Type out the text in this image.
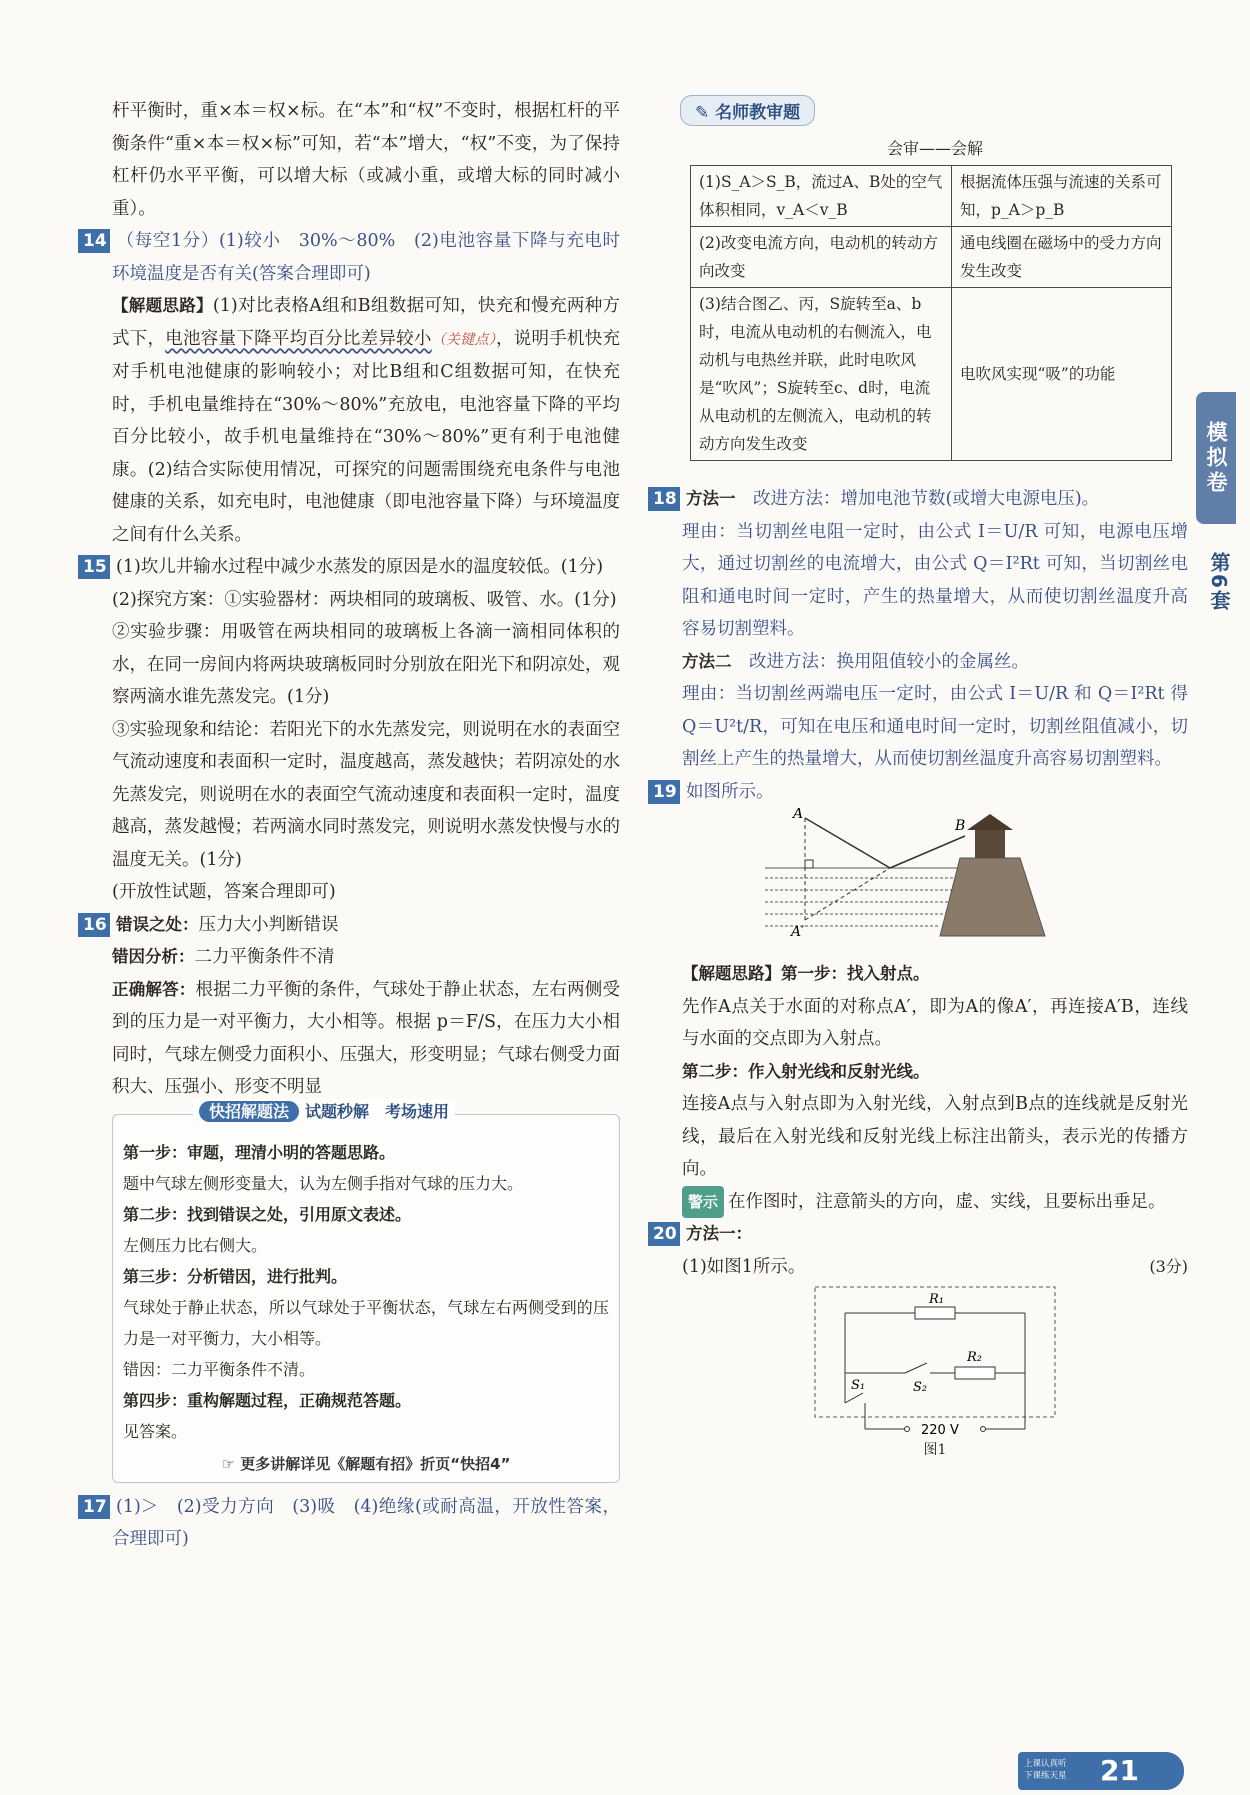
杆平衡时，重×本＝权×标。在“本”和“权”不变时，根据杠杆的平衡条件“重×本＝权×标”可知，若“本”增大，“权”不变，为了保持杠杆仍水平平衡，可以增大标（或减小重，或增大标的同时减小重）。

14 （每空1分）(1)较小　30%～80%　(2)电池容量下降与充电时环境温度是否有关(答案合理即可)

【解题思路】(1)对比表格A组和B组数据可知，快充和慢充两种方式下，电池容量下降平均百分比差异较小（关键点），说明手机快充对手机电池健康的影响较小；对比B组和C组数据可知，在快充时，手机电量维持在“30%～80%”充放电，电池容量下降的平均百分比较小，故手机电量维持在“30%～80%”更有利于电池健康。(2)结合实际使用情况，可探究的问题需围绕充电条件与电池健康的关系，如充电时，电池健康（即电池容量下降）与环境温度之间有什么关系。

15 (1)坎儿井输水过程中减少水蒸发的原因是水的温度较低。(1分)

(2)探究方案：①实验器材：两块相同的玻璃板、吸管、水。(1分)

②实验步骤：用吸管在两块相同的玻璃板上各滴一滴相同体积的水，在同一房间内将两块玻璃板同时分别放在阳光下和阴凉处，观察两滴水谁先蒸发完。(1分)

③实验现象和结论：若阳光下的水先蒸发完，则说明在水的表面空气流动速度和表面积一定时，温度越高，蒸发越快；若阴凉处的水先蒸发完，则说明在水的表面空气流动速度和表面积一定时，温度越高，蒸发越慢；若两滴水同时蒸发完，则说明水蒸发快慢与水的温度无关。(1分)

(开放性试题，答案合理即可)

16 错误之处：压力大小判断错误

错因分析：二力平衡条件不清

正确解答：根据二力平衡的条件，气球处于静止状态，左右两侧受到的压力是一对平衡力，大小相等。根据 p＝F/S，在压力大小相同时，气球左侧受力面积小、压强大，形变明显；气球右侧受力面积大、压强小、形变不明显

快招解题法 试题秒解　 考场速用

第一步：审题，理清小明的答题思路。

题中气球左侧形变量大，认为左侧手指对气球的压力大。

第二步：找到错误之处，引用原文表述。

左侧压力比右侧大。

第三步：分析错因，进行批判。

气球处于静止状态，所以气球处于平衡状态，气球左右两侧受到的压力是一对平衡力，大小相等。

错因：二力平衡条件不清。

第四步：重构解题过程，正确规范答题。

见答案。

☞ 更多讲解详见《解题有招》折页“快招4”

17 (1)＞　(2)受力方向　(3)吸　(4)绝缘(或耐高温，开放性答案，合理即可)

✎ 名师教审题
会审——会解
(1)S_A＞S_B，流过A、B处的空气体积相同，v_A＜v_B	根据流体压强与流速的关系可知，p_A＞p_B
(2)改变电流方向，电动机的转动方向改变	通电线圈在磁场中的受力方向发生改变
(3)结合图乙、丙，S旋转至a、b时，电流从电动机的右侧流入，电动机与电热丝并联，此时电吹风是“吹风”；S旋转至c、d时，电流从电动机的左侧流入，电动机的转动方向发生改变	电吹风实现“吸”的功能

18 方法一　 改进方法：增加电池节数(或增大电源电压)。

理由：当切割丝电阻一定时，由公式 I＝U/R 可知，电源电压增大，通过切割丝的电流增大，由公式 Q＝I²Rt 可知，当切割丝电阻和通电时间一定时，产生的热量增大，从而使切割丝温度升高容易切割塑料。

方法二　 改进方法：换用阻值较小的金属丝。

理由：当切割丝两端电压一定时，由公式 I＝U/R 和 Q＝I²Rt 得 Q＝U²t/R，可知在电压和通电时间一定时，切割丝阻值减小，切割丝上产生的热量增大，从而使切割丝温度升高容易切割塑料。

19 如图所示。

A
B
A′

【解题思路】第一步：找入射点。

先作A点关于水面的对称点A′，即为A的像A′，再连接A′B，连线与水面的交点即为入射点。

第二步：作入射光线和反射光线。

连接A点与入射点即为入射光线，入射点到B点的连线就是反射光线，最后在入射光线和反射光线上标注出箭头，表示光的传播方向。

警示 在作图时，注意箭头的方向，虚、实线，且要标出垂足。

20 方法一：

(1)如图1所示。	(3分)

R₁
R₂
S₁	S₂
220 V
图1
模拟卷
第6套
上课认真听
下课练天星 21
